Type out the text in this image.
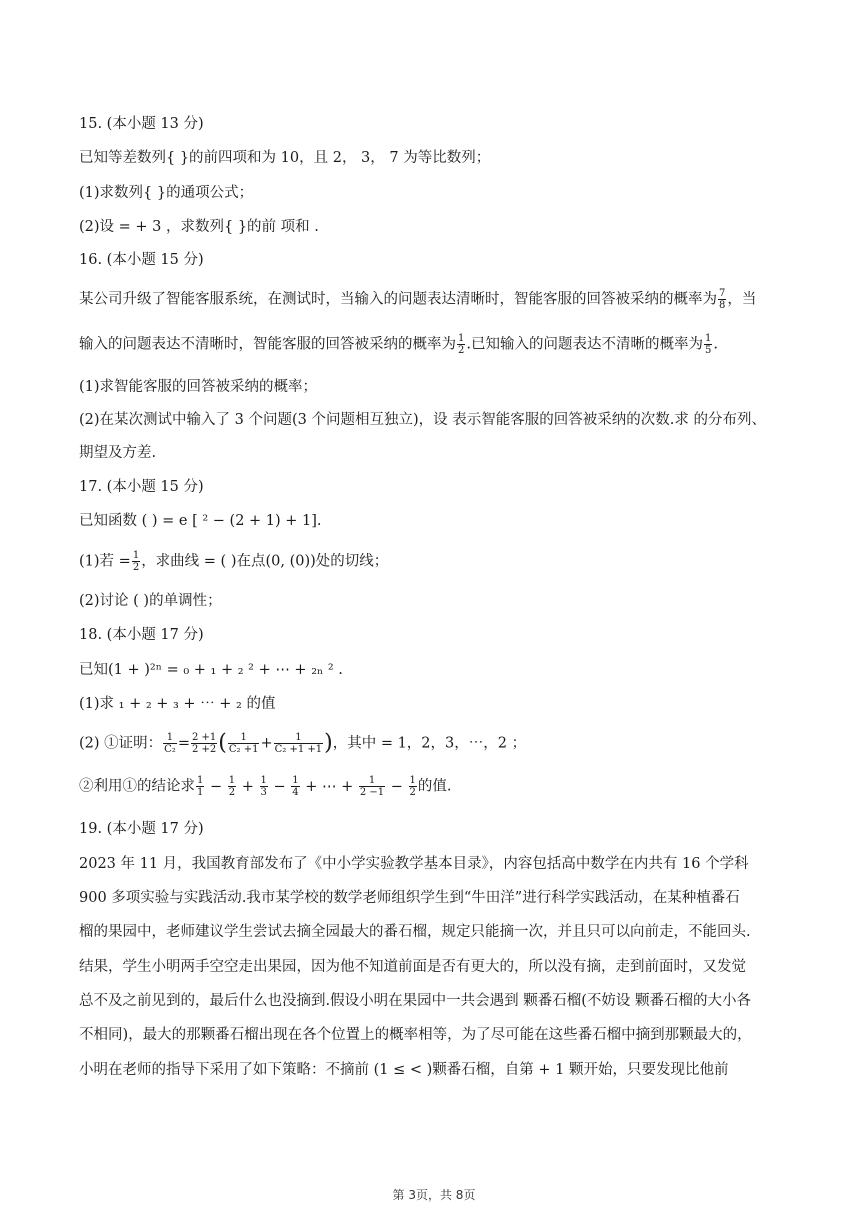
15. (本小题 13 分)
已知等差数列{ }的前四项和为 10，且 2， 3， 7 为等比数列；
(1)求数列{ }的通项公式；
(2)设 = + 3 ，求数列{ }的前 项和 .
16. (本小题 15 分)
某公司升级了智能客服系统，在测试时，当输入的问题表达清晰时，智能客服的回答被采纳的概率为 $\frac{7}{8}$ ，当
输入的问题表达不清晰时，智能客服的回答被采纳的概率为 $\frac{1}{2}$ .已知输入的问题表达不清晰的概率为 $\frac{1}{5}$ .
(1)求智能客服的回答被采纳的概率；
(2)在某次测试中输入了 3 个问题(3 个问题相互独立)，设 表示智能客服的回答被采纳的次数.求 的分布列、
期望及方差.
17. (本小题 15 分)
已知函数 ( ) = e [ ² − (2 + 1) + 1].
(1)若 = $\frac{1}{2}$ ，求曲线 = ( )在点(0, (0))处的切线；
(2)讨论 ( )的单调性；
18. (本小题 17 分)
已知(1 + )²ⁿ = ₀ + ₁ + ₂ ² + ⋯ + ₂ₙ ² .
(1)求 ₁ + ₂ + ₃ + ⋯ + ₂ 的值
(2) ①证明： $\frac{1}{\text{C₂}} = \frac{2 +1}{2 +2}$ ( $\frac{1}{\text{C₂ +1}} + \frac{1}{\text{C₂ +1 +1}}$ )，其中 = 1，2，3，⋯，2 ；
②利用①的结论求 $\frac{1}{1} - \frac{1}{2} + \frac{1}{3} - \frac{1}{4}$ + ⋯ + $\frac{1}{2 -1} - \frac{1}{2}$ 的值.
19. (本小题 17 分)
2023 年 11 月，我国教育部发布了《中小学实验教学基本目录》，内容包括高中数学在内共有 16 个学科
900 多项实验与实践活动.我市某学校的数学老师组织学生到“牛田洋”进行科学实践活动，在某种植番石
榴的果园中，老师建议学生尝试去摘全园最大的番石榴，规定只能摘一次，并且只可以向前走，不能回头.
结果，学生小明两手空空走出果园，因为他不知道前面是否有更大的，所以没有摘，走到前面时，又发觉
总不及之前见到的，最后什么也没摘到.假设小明在果园中一共会遇到 颗番石榴(不妨设 颗番石榴的大小各
不相同)，最大的那颗番石榴出现在各个位置上的概率相等，为了尽可能在这些番石榴中摘到那颗最大的，
小明在老师的指导下采用了如下策略：不摘前 (1 ≤ < )颗番石榴，自第 + 1 颗开始，只要发现比他前
第 3页，共 8页
